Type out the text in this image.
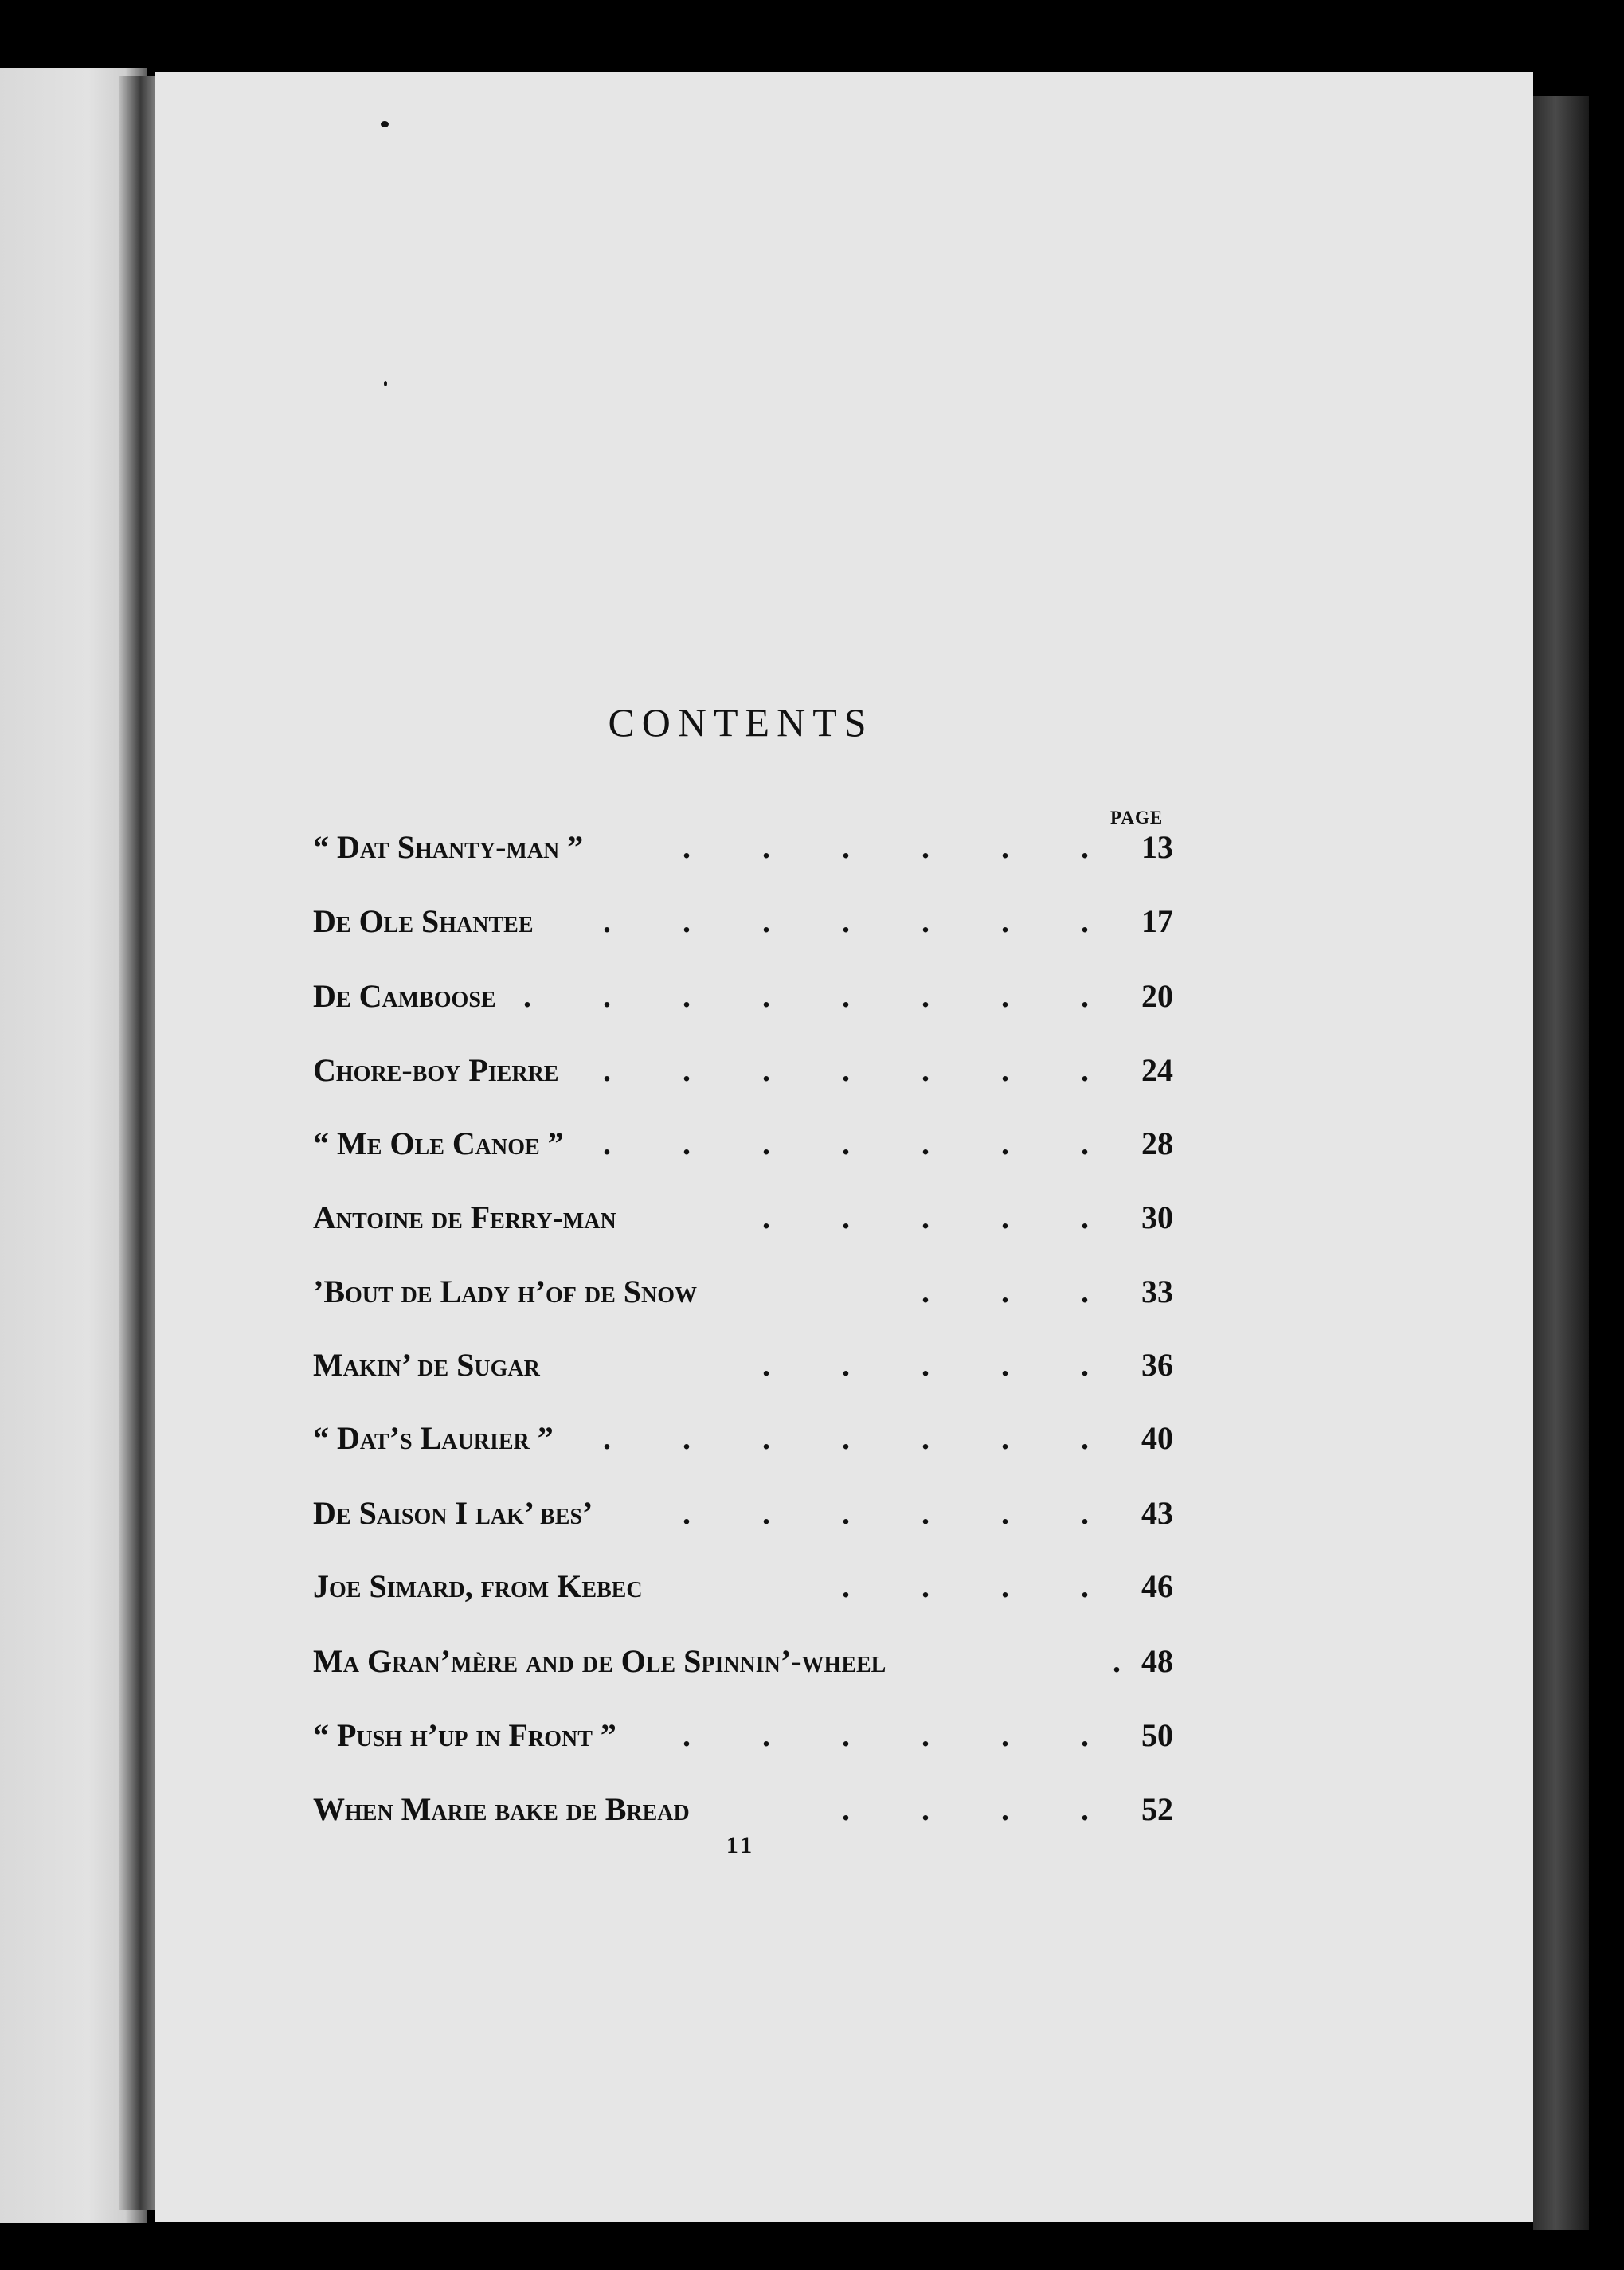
CONTENTS
PAGE
“ Dat Shanty-man ”	. . . . . . 13
De Ole Shantee	. . . . . . . 17
De Camboose . . . . . . . . 20
Chore-boy Pierre	. . . . . . . 24
“ Me Ole Canoe ”	. . . . . . . 28
Antoine de Ferry-man	. . . . . 30
’Bout de Lady h’of de Snow	. . . 33
Makin’ de Sugar	. . . . . 36
“ Dat’s Laurier ”	. . . . . . . 40
De Saison I lak’ bes’	. . . . . . 43
Joe Simard, from Kebec	. . . . 46
Ma Gran’mère and de Ole Spinnin’-wheel	. 48
“ Push h’up in Front ”	. . . . . . 50
When Marie bake de Bread	. . . . 52
11
